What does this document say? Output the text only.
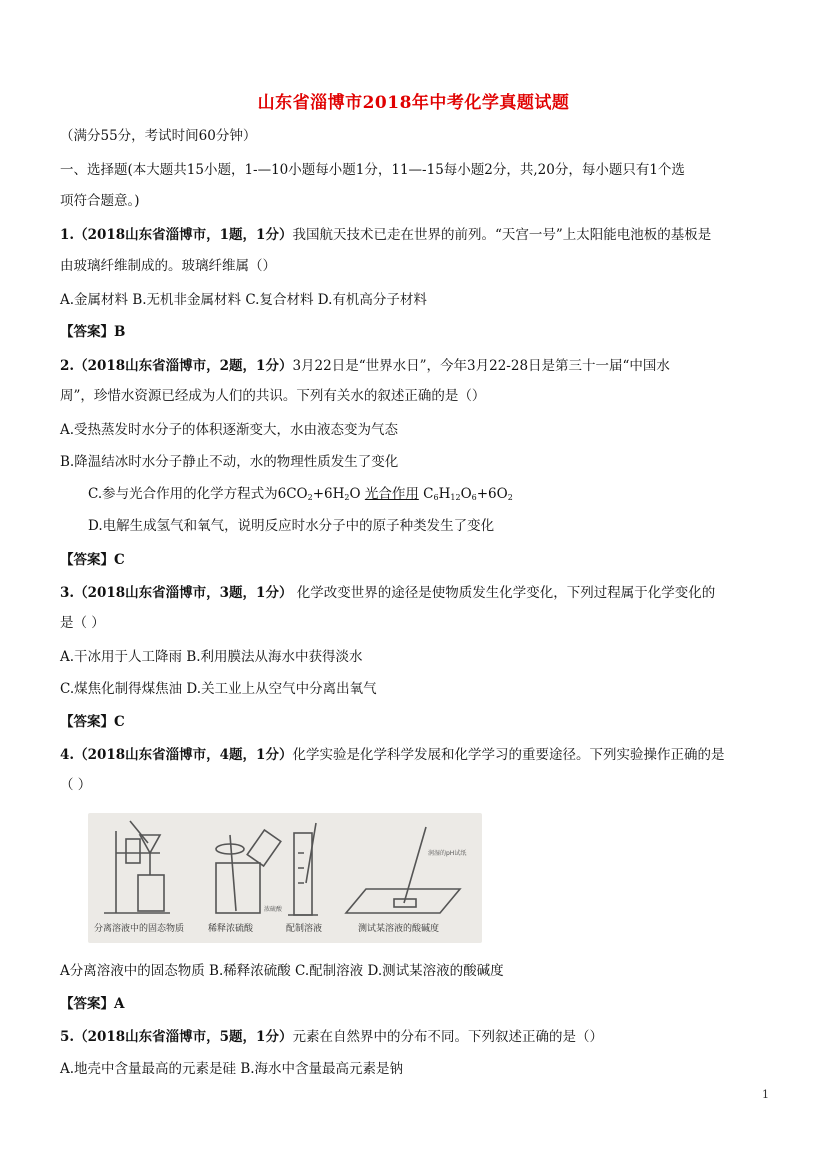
山东省淄博市2018年中考化学真题试题
（满分55分，考试时间60分钟）
一、选择题(本大题共15小题，1-—10小题每小题1分，11—-15每小题2分，共,20分，每小题只有1个选
项符合题意。)
1.（2018山东省淄博市，1题，1分）我国航天技术已走在世界的前列。“天宫一号”上太阳能电池板的基板是
由玻璃纤维制成的。玻璃纤维属（）
A.金属材料 B.无机非金属材料 C.复合材料 D.有机高分子材料
【答案】B
2.（2018山东省淄博市，2题，1分）3月22日是“世界水日”，今年3月22-28日是第三十一届“中国水
周”，珍惜水资源已经成为人们的共识。下列有关水的叙述正确的是（）
A.受热蒸发时水分子的体积逐渐变大，水由液态变为气态
B.降温结冰时水分子静止不动，水的物理性质发生了变化
C.参与光合作用的化学方程式为$6CO_2+6H_2O$ 光合作用 $C_6H_{12}O_6+6O_2$
D.电解生成氢气和氧气，说明反应时水分子中的原子种类发生了变化
【答案】C
3.（2018山东省淄博市，3题，1分） 化学改变世界的途径是使物质发生化学变化，下列过程属于化学变化的
是（ ）
A.干冰用于人工降雨 B.利用膜法从海水中获得淡水
C.煤焦化制得煤焦油 D.关工业上从空气中分离出氧气
【答案】C
4.（2018山东省淄博市，4题，1分）化学实验是化学科学发展和化学学习的重要途径。下列实验操作正确的是
（ ）
润湿的pH试纸
浓硫酸
分离溶液中的固态物质	稀释浓硫酸	配制溶液	测试某溶液的酸碱度
A分离溶液中的固态物质 B.稀释浓硫酸 C.配制溶液 D.测试某溶液的酸碱度
【答案】A
5.（2018山东省淄博市，5题，1分）元素在自然界中的分布不同。下列叙述正确的是（）
A.地壳中含量最高的元素是硅 B.海水中含量最高元素是钠
1
